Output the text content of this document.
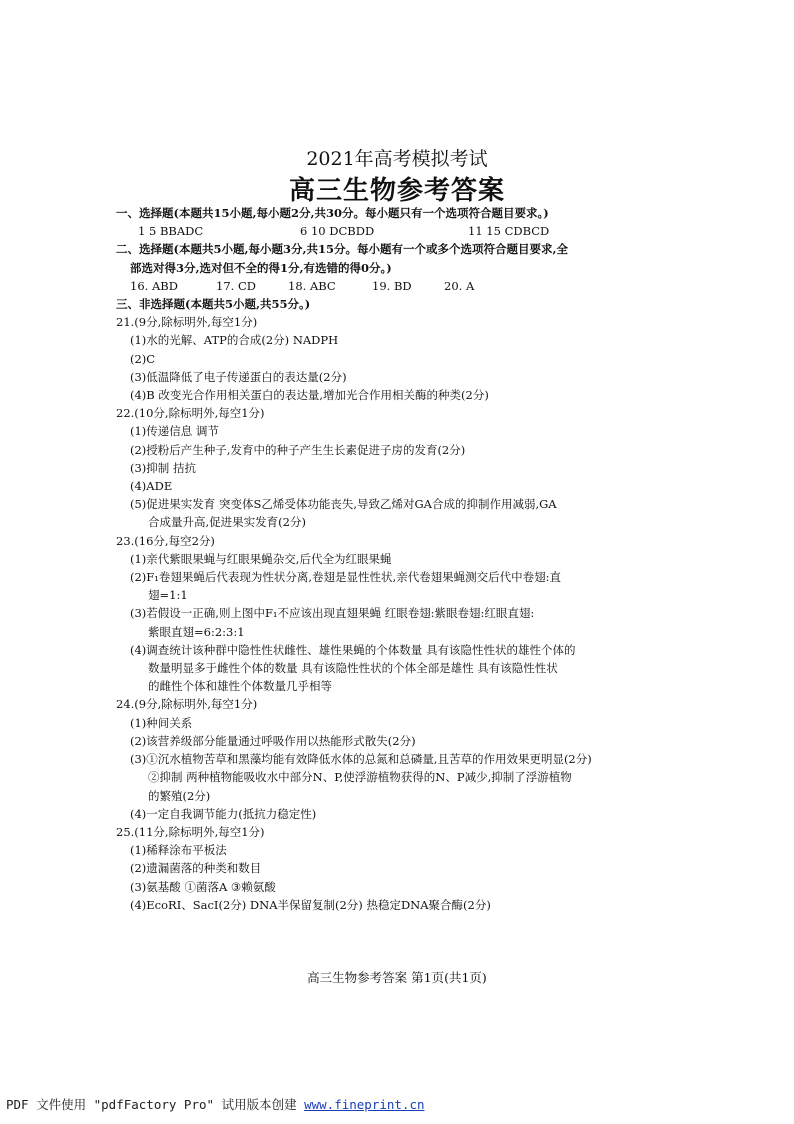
2021年高考模拟考试
高三生物参考答案
一、选择题(本题共15小题,每小题2分,共30分。每小题只有一个选项符合题目要求。)
1 5 BBADC	6 10 DCBDD	11 15 CDBCD
二、选择题(本题共5小题,每小题3分,共15分。每小题有一个或多个选项符合题目要求,全
部选对得3分,选对但不全的得1分,有选错的得0分。)
16. ABD	17. CD	18. ABC	19. BD	20. A
三、非选择题(本题共5小题,共55分。)
21.(9分,除标明外,每空1分)
(1)水的光解、ATP的合成(2分) NADPH
(2)C
(3)低温降低了电子传递蛋白的表达量(2分)
(4)B 改变光合作用相关蛋白的表达量,增加光合作用相关酶的种类(2分)
22.(10分,除标明外,每空1分)
(1)传递信息 调节
(2)授粉后产生种子,发育中的种子产生生长素促进子房的发育(2分)
(3)抑制 拮抗
(4)ADE
(5)促进果实发育 突变体S乙烯受体功能丧失,导致乙烯对GA合成的抑制作用减弱,GA
合成量升高,促进果实发育(2分)
23.(16分,每空2分)
(1)亲代紫眼果蝇与红眼果蝇杂交,后代全为红眼果蝇
(2)F₁卷翅果蝇后代表现为性状分离,卷翅是显性性状,亲代卷翅果蝇测交后代中卷翅:直
翅=1:1
(3)若假设一正确,则上图中F₁不应该出现直翅果蝇 红眼卷翅:紫眼卷翅:红眼直翅:
紫眼直翅=6:2:3:1
(4)调查统计该种群中隐性性状雌性、雄性果蝇的个体数量 具有该隐性性状的雄性个体的
数量明显多于雌性个体的数量 具有该隐性性状的个体全部是雄性 具有该隐性性状
的雌性个体和雄性个体数量几乎相等
24.(9分,除标明外,每空1分)
(1)种间关系
(2)该营养级部分能量通过呼吸作用以热能形式散失(2分)
(3)①沉水植物苦草和黑藻均能有效降低水体的总氮和总磷量,且苦草的作用效果更明显(2分)
②抑制 两种植物能吸收水中部分N、P,使浮游植物获得的N、P减少,抑制了浮游植物
的繁殖(2分)
(4)一定自我调节能力(抵抗力稳定性)
25.(11分,除标明外,每空1分)
(1)稀释涂布平板法
(2)遗漏菌落的种类和数目
(3)氨基酸 ①菌落A ③赖氨酸
(4)EcoRⅠ、SacⅠ(2分) DNA半保留复制(2分) 热稳定DNA聚合酶(2分)
高三生物参考答案 第1页(共1页)
PDF 文件使用 "pdfFactory Pro" 试用版本创建 www.fineprint.cn
